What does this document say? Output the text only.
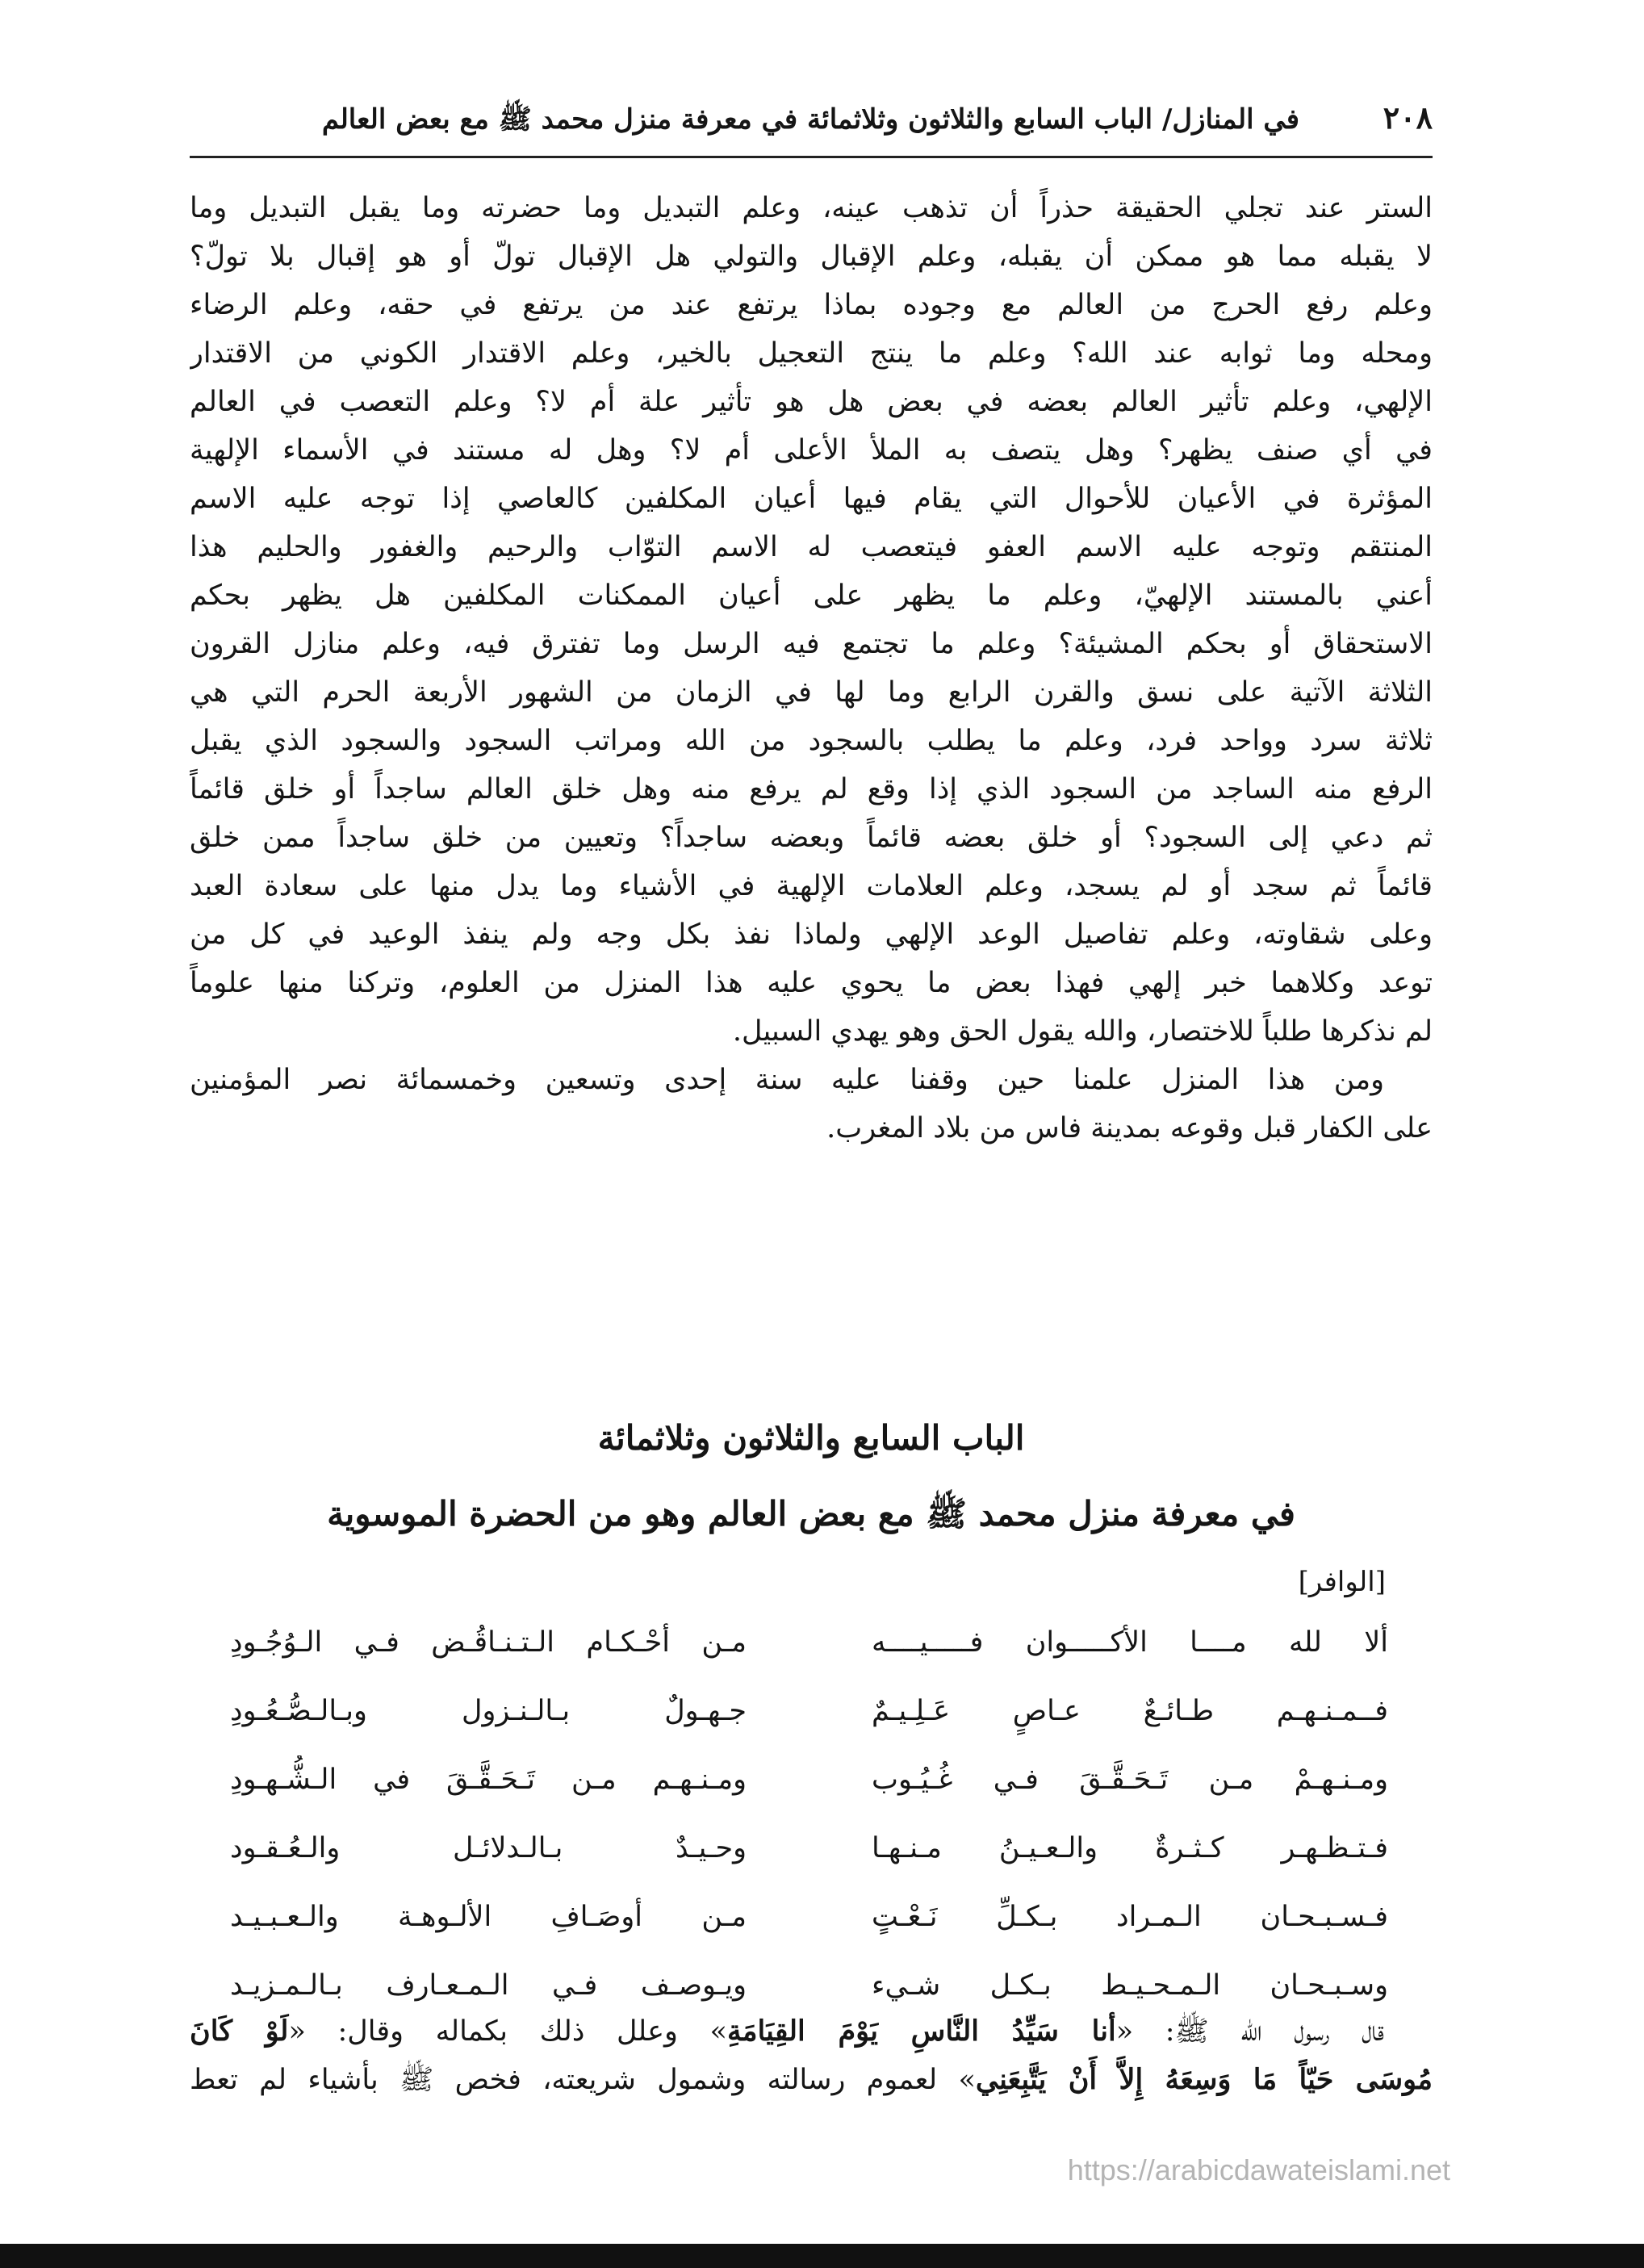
٢٠٨
في المنازل/ الباب السابع والثلاثون وثلاثمائة في معرفة منزل محمد ﷺ مع بعض العالم
الستر عند تجلي الحقيقة حذراً أن تذهب عينه، وعلم التبديل وما حضرته وما يقبل التبديل وما
لا يقبله مما هو ممكن أن يقبله، وعلم الإقبال والتولي هل الإقبال تولّ أو هو إقبال بلا تولّ؟
وعلم رفع الحرج من العالم مع وجوده بماذا يرتفع عند من يرتفع في حقه، وعلم الرضاء
ومحله وما ثوابه عند الله؟ وعلم ما ينتج التعجيل بالخير، وعلم الاقتدار الكوني من الاقتدار
الإلهي، وعلم تأثير العالم بعضه في بعض هل هو تأثير علة أم لا؟ وعلم التعصب في العالم
في أي صنف يظهر؟ وهل يتصف به الملأ الأعلى أم لا؟ وهل له مستند في الأسماء الإلهية
المؤثرة في الأعيان للأحوال التي يقام فيها أعيان المكلفين كالعاصي إذا توجه عليه الاسم
المنتقم وتوجه عليه الاسم العفو فيتعصب له الاسم التوّاب والرحيم والغفور والحليم هذا
أعني بالمستند الإلهيّ، وعلم ما يظهر على أعيان الممكنات المكلفين هل يظهر بحكم
الاستحقاق أو بحكم المشيئة؟ وعلم ما تجتمع فيه الرسل وما تفترق فيه، وعلم منازل القرون
الثلاثة الآتية على نسق والقرن الرابع وما لها في الزمان من الشهور الأربعة الحرم التي هي
ثلاثة سرد وواحد فرد، وعلم ما يطلب بالسجود من الله ومراتب السجود والسجود الذي يقبل
الرفع منه الساجد من السجود الذي إذا وقع لم يرفع منه وهل خلق العالم ساجداً أو خلق قائماً
ثم دعي إلى السجود؟ أو خلق بعضه قائماً وبعضه ساجداً؟ وتعيين من خلق ساجداً ممن خلق
قائماً ثم سجد أو لم يسجد، وعلم العلامات الإلهية في الأشياء وما يدل منها على سعادة العبد
وعلى شقاوته، وعلم تفاصيل الوعد الإلهي ولماذا نفذ بكل وجه ولم ينفذ الوعيد في كل من
توعد وكلاهما خبر إلهي فهذا بعض ما يحوي عليه هذا المنزل من العلوم، وتركنا منها علوماً
لم نذكرها طلباً للاختصار، والله يقول الحق وهو يهدي السبيل.
ومن هذا المنزل علمنا حين وقفنا عليه سنة إحدى وتسعين وخمسمائة نصر المؤمنين
على الكفار قبل وقوعه بمدينة فاس من بلاد المغرب.
الباب السابع والثلاثون وثلاثمائة
في معرفة منزل محمد ﷺ مع بعض العالم وهو من الحضرة الموسوية
[الوافر]
ألا لله مــــا الأكـــــوان فـــــيــــه
مـن أحْـكـام الـتـنـاقُـض فـي الـوُجُـودِ
فــمـنـهـم طـائـعٌ عـاصٍ عَـلِـيـمٌ
جـهـولٌ بـالـنـزول وبـالـصُّـعُـودِ
ومـنـهـمْ مـن تَـحَـقَّـقَ فـي غُـيُـوب
ومـنـهـم مـن تَـحَـقَّـقَ في الـشُّـهـودِ
فـتـظـهـر كـثـرةٌ والـعـيـنُ مـنـهـا
وحـيـدٌ بـالـدلائـل والـعُـقـود
فـسـبـحـان الـمـراد بـكـلِّ نَـعْـتٍ
مـن أوصَـافِ الألـوهـة والـعـبـيـد
وسـبـحـان الـمـحـيـط بـكـل شـيء
ويـوصـف فـي الـمـعـارف بـالـمـزيـد
قال رسول الله ﷺ: «أنا سَيِّدُ النَّاسِ يَوْمَ القِيَامَةِ» وعلل ذلك بكماله وقال: «لَوْ كَانَ
مُوسَى حَيّاً مَا وَسِعَهُ إِلاَّ أَنْ يَتَّبِعَنِي» لعموم رسالته وشمول شريعته، فخص ﷺ بأشياء لم تعط
https://arabicdawateislami.net
